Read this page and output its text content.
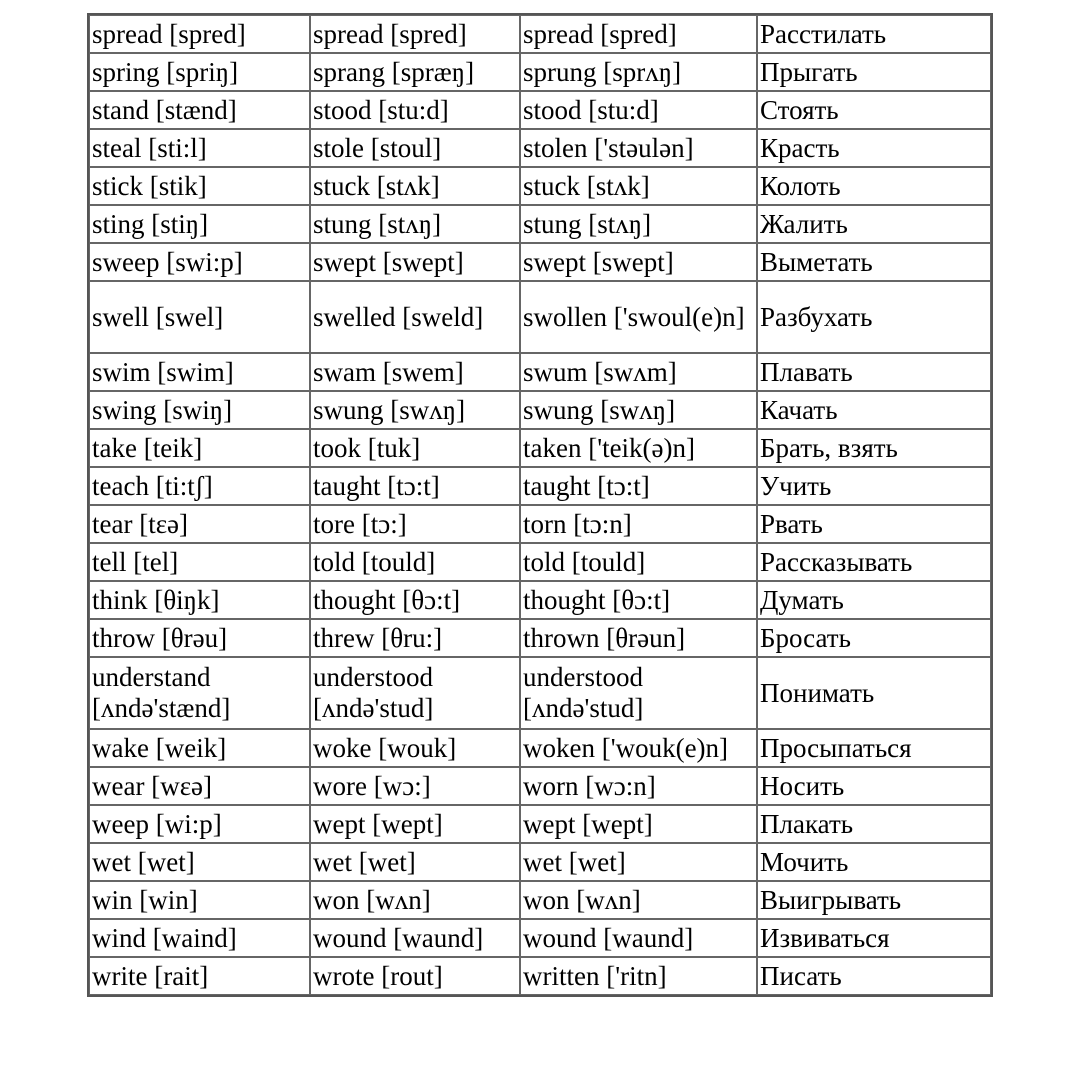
spread [spred]	spread [spred]	spread [spred]	Расстилать
spring [spriŋ]	sprang [spræŋ]	sprung [sprʌŋ]	Прыгать
stand [stænd]	stood [stu:d]	stood [stu:d]	Стоять
steal [sti:l]	stole [stoul]	stolen ['stəulən]	Красть
stick [stik]	stuck [stʌk]	stuck [stʌk]	Колоть
sting [stiŋ]	stung [stʌŋ]	stung [stʌŋ]	Жалить
sweep [swi:p]	swept [swept]	swept [swept]	Выметать
swell [swel]	swelled [sweld]	swollen ['swoul(e)n]	Разбухать
swim [swim]	swam [swem]	swum [swʌm]	Плавать
swing [swiŋ]	swung [swʌŋ]	swung [swʌŋ]	Качать
take [teik]	took [tuk]	taken ['teik(ə)n]	Брать, взять
teach [ti:tʃ]	taught [tɔ:t]	taught [tɔ:t]	Учить
tear [tɛə]	tore [tɔ:]	torn [tɔ:n]	Рвать
tell [tel]	told [tould]	told [tould]	Рассказывать
think [θiŋk]	thought [θɔ:t]	thought [θɔ:t]	Думать
throw [θrəu]	threw [θru:]	thrown [θrəun]	Бросать
understand [ʌndə'stænd]	understood [ʌndə'stud]	understood [ʌndə'stud]	Понимать
wake [weik]	woke [wouk]	woken ['wouk(e)n]	Просыпаться
wear [wɛə]	wore [wɔ:]	worn [wɔ:n]	Носить
weep [wi:p]	wept [wept]	wept [wept]	Плакать
wet [wet]	wet [wet]	wet [wet]	Мочить
win [win]	won [wʌn]	won [wʌn]	Выигрывать
wind [waind]	wound [waund]	wound [waund]	Извиваться
write [rait]	wrote [rout]	written ['ritn]	Писать
